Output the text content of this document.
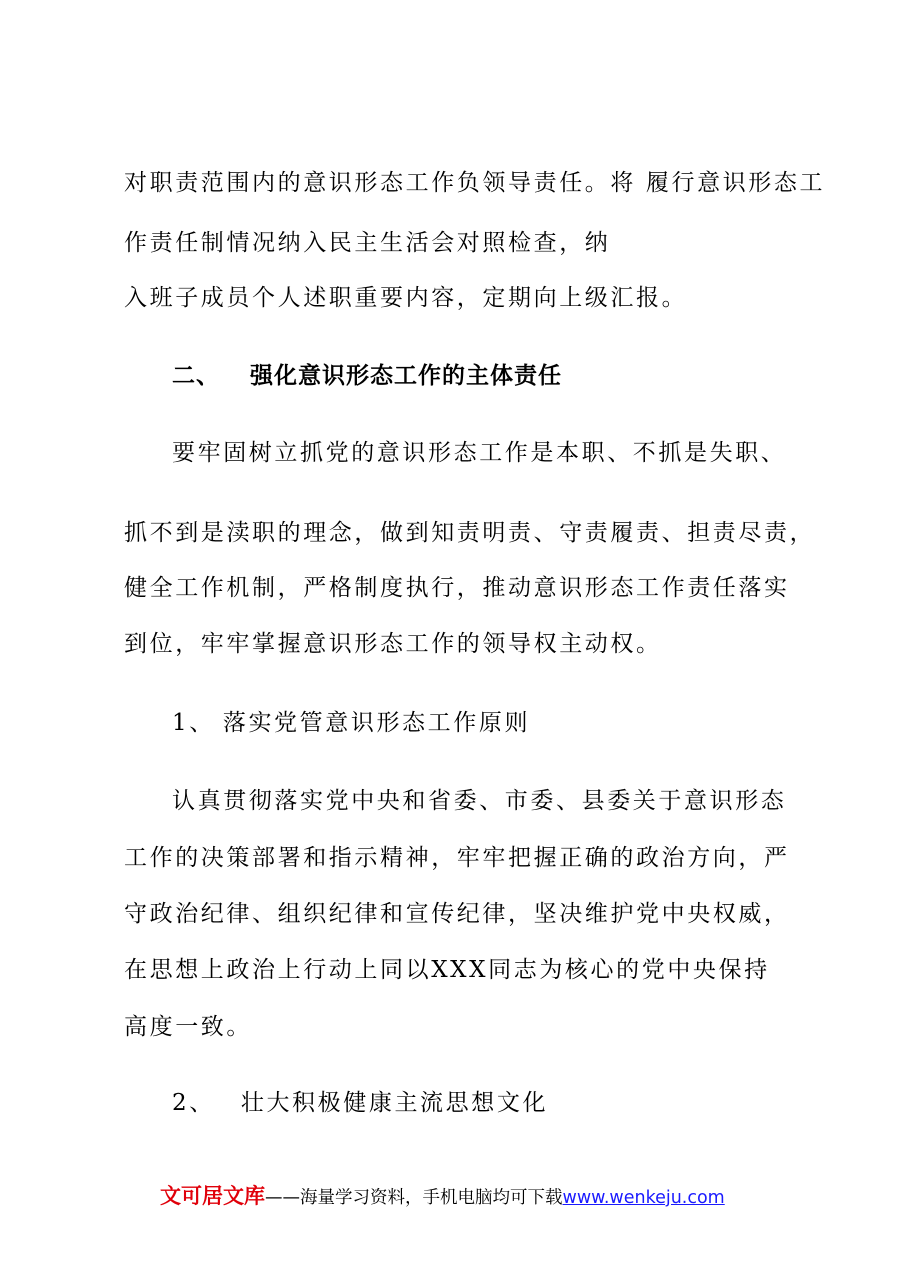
对职责范围内的意识形态工作负领导责任。将 履行意识形态工
作责任制情况纳入民主生活会对照检查，纳
入班子成员个人述职重要内容，定期向上级汇报。
二、 强化意识形态工作的主体责任
要牢固树立抓党的意识形态工作是本职、不抓是失职、
抓不到是渎职的理念，做到知责明责、守责履责、担责尽责，
健全工作机制，严格制度执行，推动意识形态工作责任落实
到位，牢牢掌握意识形态工作的领导权主动权。
1、 落实党管意识形态工作原则
认真贯彻落实党中央和省委、市委、县委关于意识形态
工作的决策部署和指示精神，牢牢把握正确的政治方向，严
守政治纪律、组织纪律和宣传纪律，坚决维护党中央权威，
在思想上政治上行动上同以XXX同志为核心的党中央保持
高度一致。
2、 壮大积极健康主流思想文化
文可居文库——海量学习资料，手机电脑均可下载www.wenkeju.com
